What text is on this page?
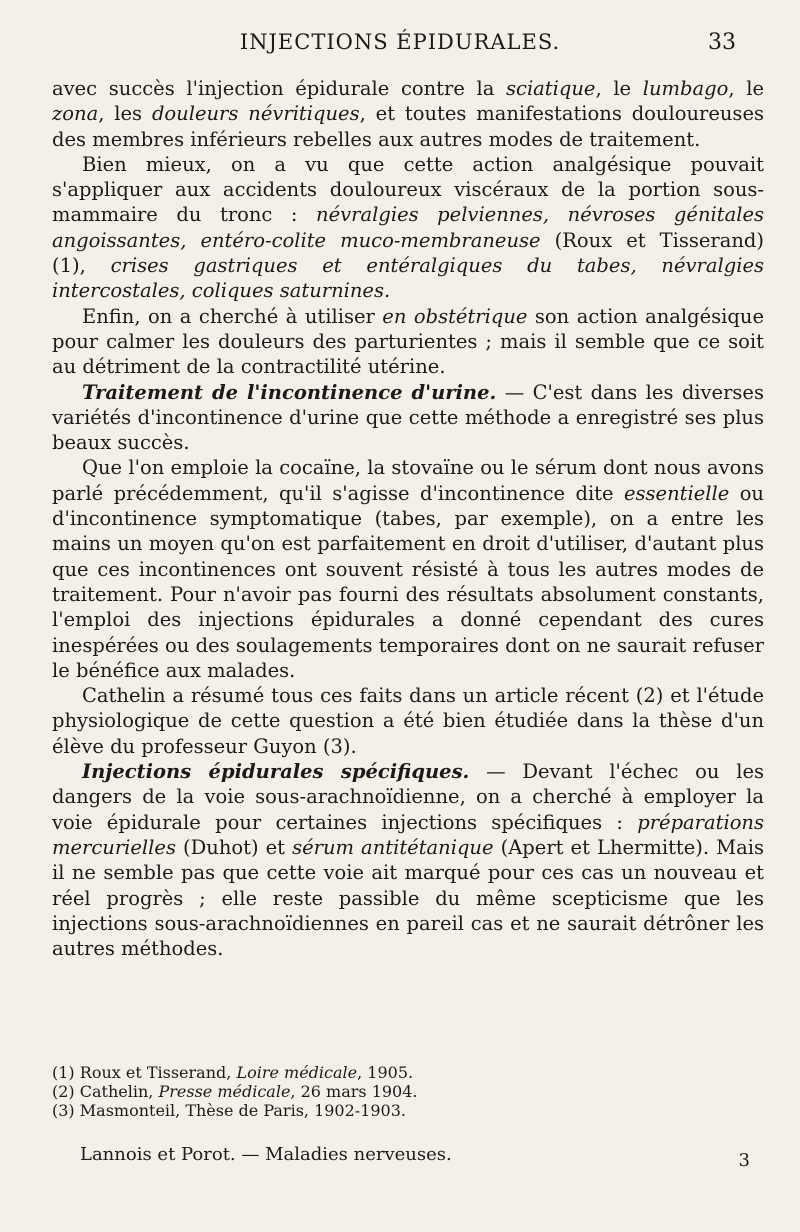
INJECTIONS ÉPIDURALES.	33

avec succès l'injection épidurale contre la sciatique, le lumbago, le zona, les douleurs névritiques, et toutes manifestations douloureuses des membres inférieurs rebelles aux autres modes de traitement.

Bien mieux, on a vu que cette action analgésique pouvait s'appliquer aux accidents douloureux viscéraux de la portion sous-mammaire du tronc : névralgies pelviennes, névroses génitales angoissantes, entéro-colite muco-membraneuse (Roux et Tisserand) (1), crises gastriques et entéralgiques du tabes, névralgies intercostales, coliques saturnines.

Enfin, on a cherché à utiliser en obstétrique son action analgésique pour calmer les douleurs des parturientes ; mais il semble que ce soit au détriment de la contractilité utérine.

Traitement de l'incontinence d'urine. — C'est dans les diverses variétés d'incontinence d'urine que cette méthode a enregistré ses plus beaux succès.

Que l'on emploie la cocaïne, la stovaïne ou le sérum dont nous avons parlé précédemment, qu'il s'agisse d'incontinence dite essentielle ou d'incontinence symptomatique (tabes, par exemple), on a entre les mains un moyen qu'on est parfaitement en droit d'utiliser, d'autant plus que ces incontinences ont souvent résisté à tous les autres modes de traitement. Pour n'avoir pas fourni des résultats absolument constants, l'emploi des injections épidurales a donné cependant des cures inespérées ou des soulagements temporaires dont on ne saurait refuser le bénéfice aux malades.

Cathelin a résumé tous ces faits dans un article récent (2) et l'étude physiologique de cette question a été bien étudiée dans la thèse d'un élève du professeur Guyon (3).

Injections épidurales spécifiques. — Devant l'échec ou les dangers de la voie sous-arachnoïdienne, on a cherché à employer la voie épidurale pour certaines injections spécifiques : préparations mercurielles (Duhot) et sérum antitétanique (Apert et Lhermitte). Mais il ne semble pas que cette voie ait marqué pour ces cas un nouveau et réel progrès ; elle reste passible du même scepticisme que les injections sous-arachnoïdiennes en pareil cas et ne saurait détrôner les autres méthodes.

(1) Roux et Tisserand, Loire médicale, 1905.
(2) Cathelin, Presse médicale, 26 mars 1904.
(3) Masmonteil, Thèse de Paris, 1902-1903.
Lannois et Porot. — Maladies nerveuses.	3
